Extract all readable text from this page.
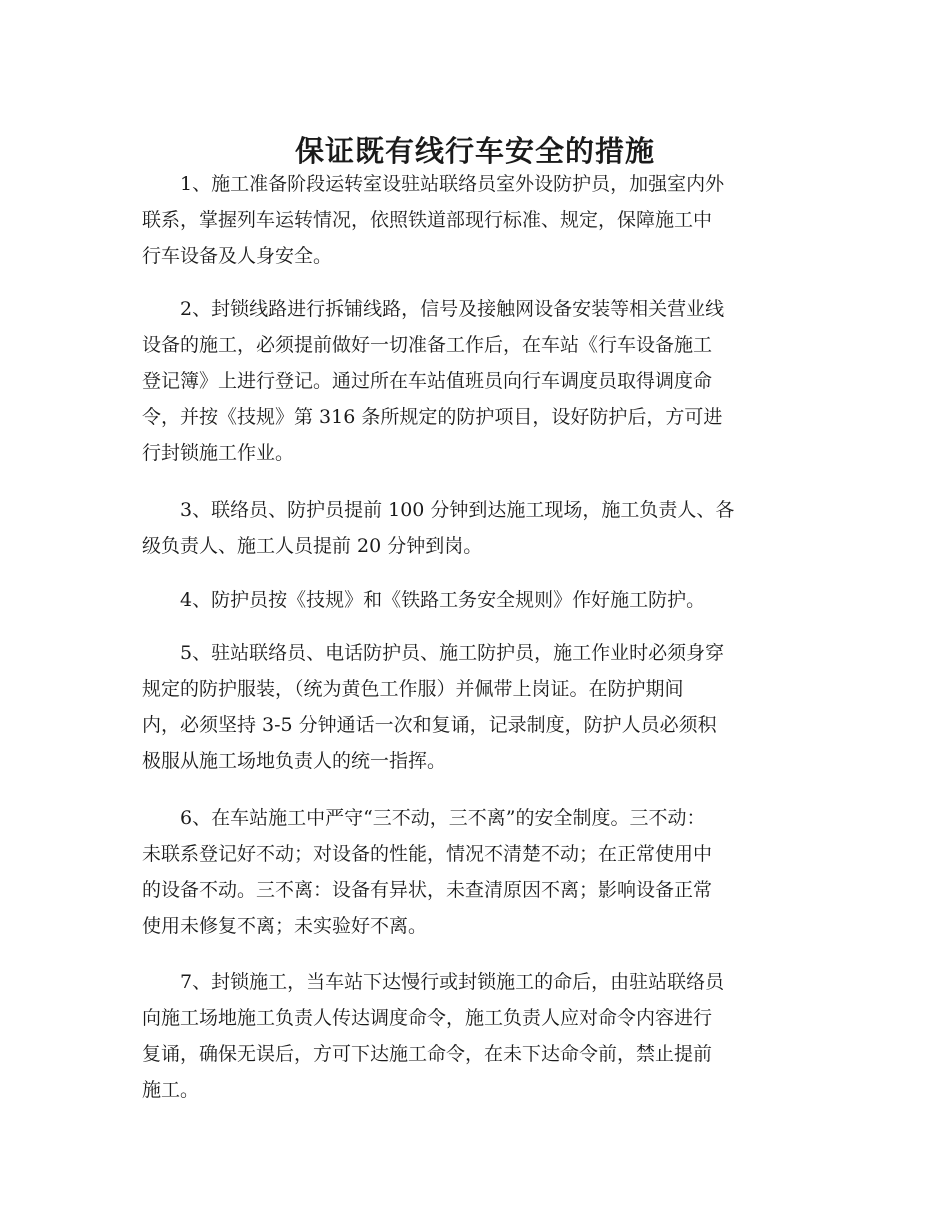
保证既有线行车安全的措施

1、施工准备阶段运转室设驻站联络员室外设防护员，加强室内外
联系，掌握列车运转情况，依照铁道部现行标准、规定，保障施工中
行车设备及人身安全。

2、封锁线路进行拆铺线路，信号及接触网设备安装等相关营业线
设备的施工，必须提前做好一切准备工作后，在车站《行车设备施工
登记簿》上进行登记。通过所在车站值班员向行车调度员取得调度命
令，并按《技规》第 316 条所规定的防护项目，设好防护后，方可进
行封锁施工作业。

3、联络员、防护员提前 100 分钟到达施工现场，施工负责人、各
级负责人、施工人员提前 20 分钟到岗。

4、防护员按《技规》和《铁路工务安全规则》作好施工防护。

5、驻站联络员、电话防护员、施工防护员，施工作业时必须身穿
规定的防护服装，（统为黄色工作服）并佩带上岗证。在防护期间
内，必须坚持 3-5 分钟通话一次和复诵，记录制度，防护人员必须积
极服从施工场地负责人的统一指挥。

6、在车站施工中严守“三不动，三不离”的安全制度。三不动：
未联系登记好不动；对设备的性能，情况不清楚不动；在正常使用中
的设备不动。三不离：设备有异状，未查清原因不离；影响设备正常
使用未修复不离；未实验好不离。

7、封锁施工，当车站下达慢行或封锁施工的命后，由驻站联络员
向施工场地施工负责人传达调度命令，施工负责人应对命令内容进行
复诵，确保无误后，方可下达施工命令，在未下达命令前，禁止提前
施工。
